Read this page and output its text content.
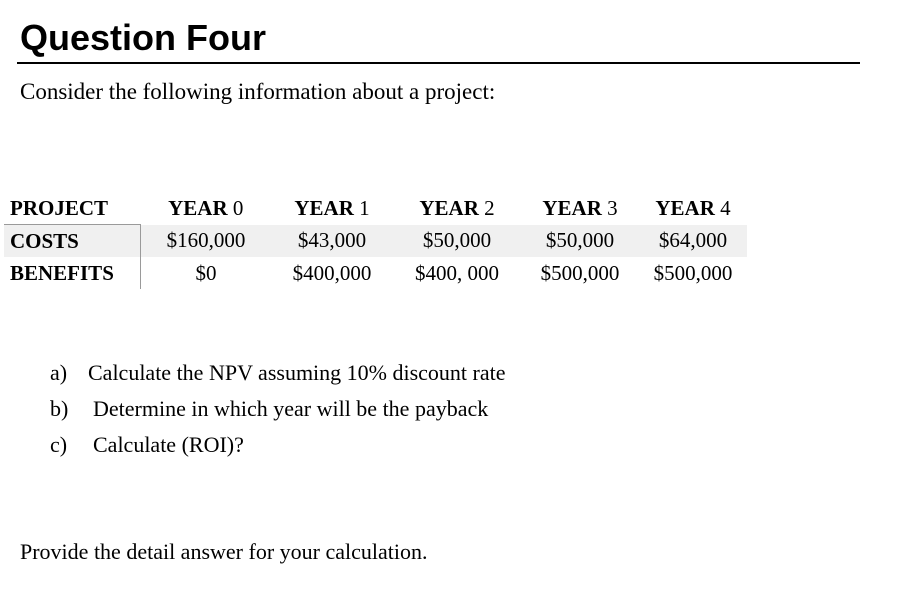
Question Four
Consider the following information about a project:
PROJECT	YEAR 0	YEAR 1	YEAR 2	YEAR 3	YEAR 4
COSTS	$160,000	$43,000	$50,000	$50,000	$64,000
BENEFITS	$0	$400,000	$400, 000	$500,000	$500,000
a) Calculate the NPV assuming 10% discount rate
b)	Determine in which year will be the payback
c)	Calculate (ROI)?
Provide the detail answer for your calculation.
